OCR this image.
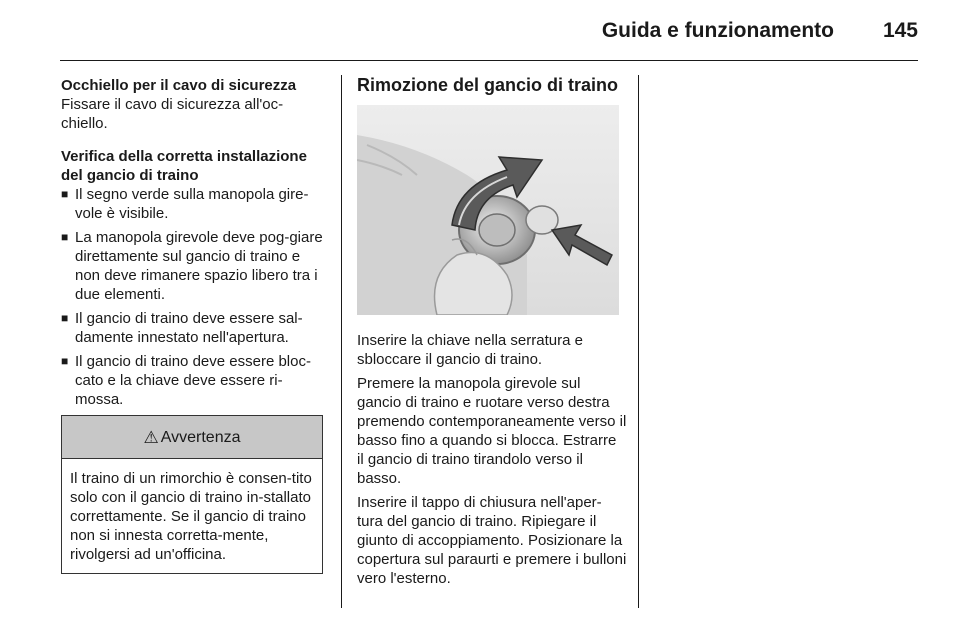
Guida e funzionamento 145

Occhiello per il cavo di sicurezza

Fissare il cavo di sicurezza all'oc-chiello.

Verifica della corretta installazione del gancio di traino

■ Il segno verde sulla manopola gire-vole è visibile.
■ La manopola girevole deve pog-giare direttamente sul gancio di traino e non deve rimanere spazio libero tra i due elementi.
■ Il gancio di traino deve essere sal-damente innestato nell'apertura.
■ Il gancio di traino deve essere bloc-cato e la chiave deve essere ri-mossa.
⚠ Avvertenza
Il traino di un rimorchio è consen-tito solo con il gancio di traino in-stallato correttamente. Se il gancio di traino non si innesta corretta-mente, rivolgersi ad un'officina.

Rimozione del gancio di traino

Inserire la chiave nella serratura e sbloccare il gancio di traino.

Premere la manopola girevole sul gancio di traino e ruotare verso destra premendo contemporaneamente verso il basso fino a quando si blocca. Estrarre il gancio di traino tirandolo verso il basso.

Inserire il tappo di chiusura nell'aper-tura del gancio di traino. Ripiegare il giunto di accoppiamento. Posizionare la copertura sul paraurti e premere i bulloni vero l'esterno.
